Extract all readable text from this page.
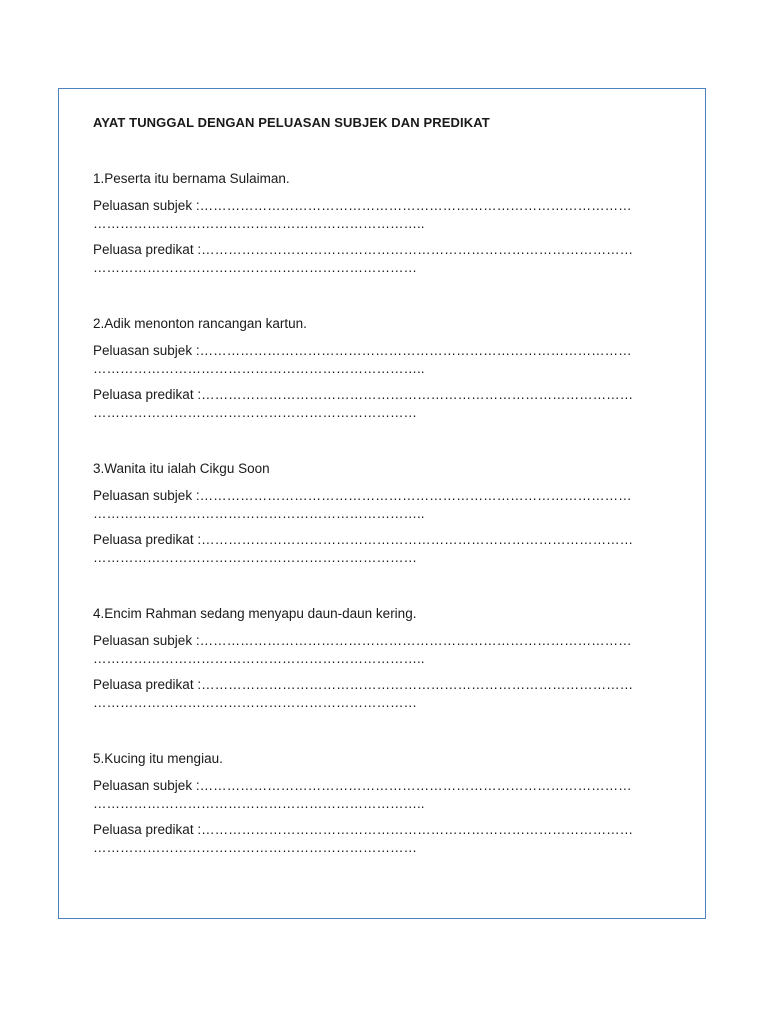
AYAT TUNGGAL DENGAN PELUASAN SUBJEK DAN PREDIKAT

1.Peserta itu bernama Sulaiman.

Peluasan subjek :……………………………………………………………………………………
………………………………………………………………..
Peluasa predikat :……………………………………………………………………………………
………………………………………………………………

2.Adik menonton rancangan kartun.

Peluasan subjek :……………………………………………………………………………………
………………………………………………………………..
Peluasa predikat :……………………………………………………………………………………
………………………………………………………………

3.Wanita itu ialah Cikgu Soon

Peluasan subjek :……………………………………………………………………………………
………………………………………………………………..
Peluasa predikat :……………………………………………………………………………………
………………………………………………………………

4.Encim Rahman sedang menyapu daun-daun kering.

Peluasan subjek :……………………………………………………………………………………
………………………………………………………………..
Peluasa predikat :……………………………………………………………………………………
………………………………………………………………

5.Kucing itu mengiau.

Peluasan subjek :……………………………………………………………………………………
………………………………………………………………..
Peluasa predikat :……………………………………………………………………………………
………………………………………………………………
